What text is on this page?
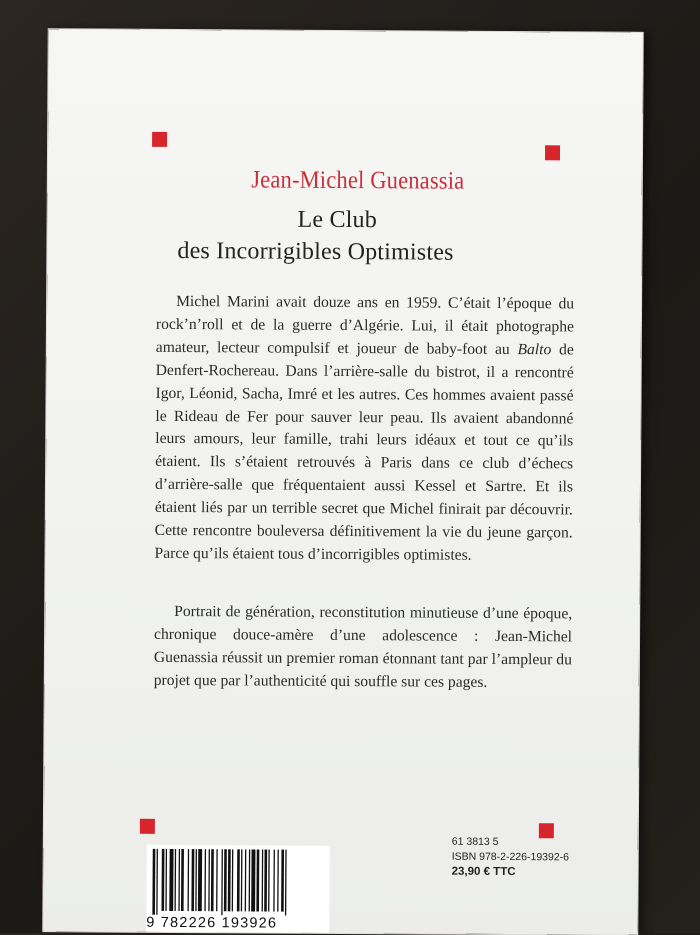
Jean-Michel Guenassia
Le Club
des Incorrigibles Optimistes
Michel Marini avait douze ans en 1959. C’était l’époque du rock’n’roll et de la guerre d’Algérie. Lui, il était photographe amateur, lecteur compulsif et joueur de baby-foot au Balto de Denfert-Rochereau. Dans l’arrière-salle du bistrot, il a rencontré Igor, Léonid, Sacha, Imré et les autres. Ces hommes avaient passé le Rideau de Fer pour sauver leur peau. Ils avaient abandonné leurs amours, leur famille, trahi leurs idéaux et tout ce qu’ils étaient. Ils s’étaient retrouvés à Paris dans ce club d’échecs d’arrière-salle que fréquentaient aussi Kessel et Sartre. Et ils étaient liés par un terrible secret que Michel finirait par découvrir. Cette rencontre bouleversa définitivement la vie du jeune garçon. Parce qu’ils étaient tous d’incorrigibles optimistes.
Portrait de génération, reconstitution minutieuse d’une époque, chronique douce-amère d’une adolescence : Jean-Michel Guenassia réussit un premier roman étonnant tant par l’ampleur du projet que par l’authenticité qui souffle sur ces pages.
9 782226 193926
61 3813 5
ISBN 978-2-226-19392-6
23,90 € TTC
